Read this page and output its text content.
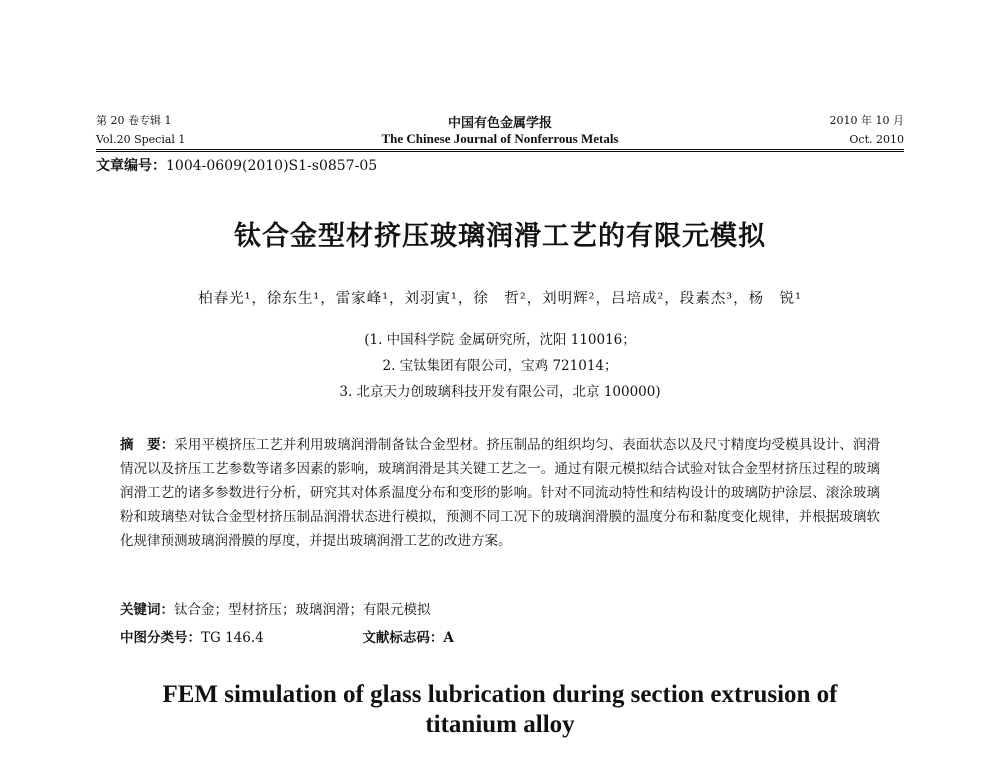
第 20 卷专辑 1
Vol.20 Special 1
中国有色金属学报
The Chinese Journal of Nonferrous Metals
2010 年 10 月
Oct. 2010
文章编号：1004-0609(2010)S1-s0857-05
钛合金型材挤压玻璃润滑工艺的有限元模拟
柏春光¹，徐东生¹，雷家峰¹，刘羽寅¹，徐　哲²，刘明辉²，吕培成²，段素杰³，杨　锐¹
(1. 中国科学院 金属研究所，沈阳 110016；
2. 宝钛集团有限公司，宝鸡 721014；
3. 北京天力创玻璃科技开发有限公司，北京 100000)
摘　要：采用平模挤压工艺并利用玻璃润滑制备钛合金型材。挤压制品的组织均匀、表面状态以及尺寸精度均受模具设计、润滑情况以及挤压工艺参数等诸多因素的影响，玻璃润滑是其关键工艺之一。通过有限元模拟结合试验对钛合金型材挤压过程的玻璃润滑工艺的诸多参数进行分析，研究其对体系温度分布和变形的影响。针对不同流动特性和结构设计的玻璃防护涂层、滚涂玻璃粉和玻璃垫对钛合金型材挤压制品润滑状态进行模拟，预测不同工况下的玻璃润滑膜的温度分布和黏度变化规律，并根据玻璃软化规律预测玻璃润滑膜的厚度，并提出玻璃润滑工艺的改进方案。
关键词：钛合金；型材挤压；玻璃润滑；有限元模拟
中图分类号：TG 146.4	文献标志码：A
FEM simulation of glass lubrication during section extrusion of
titanium alloy
